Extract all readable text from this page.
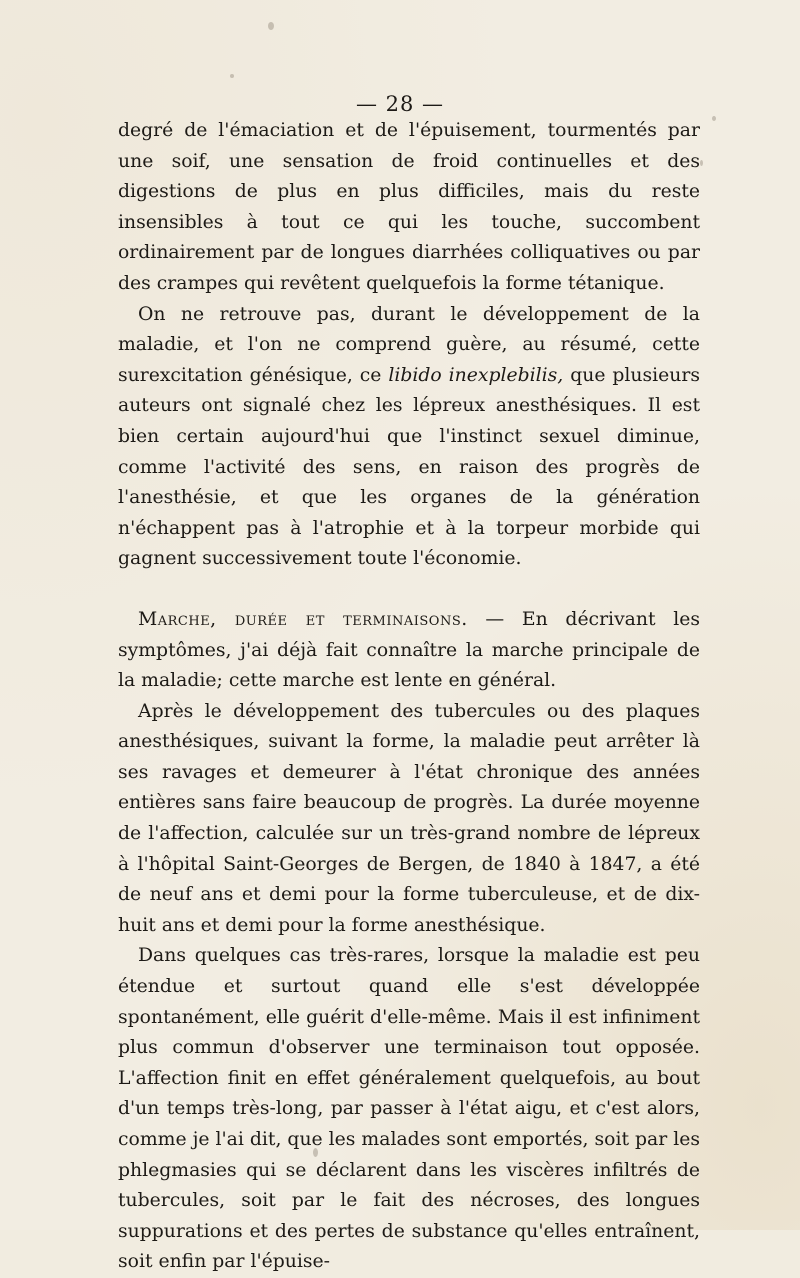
— 28 —

degré de l'émaciation et de l'épuisement, tourmentés par une soif, une sensation de froid continuelles et des digestions de plus en plus difficiles, mais du reste insensibles à tout ce qui les touche, succombent ordinairement par de longues diarrhées colliquatives ou par des crampes qui revêtent quelquefois la forme tétanique.

On ne retrouve pas, durant le développement de la maladie, et l'on ne comprend guère, au résumé, cette surexcitation génésique, ce libido inexplebilis, que plusieurs auteurs ont signalé chez les lépreux anesthésiques. Il est bien certain aujourd'hui que l'instinct sexuel diminue, comme l'activité des sens, en raison des progrès de l'anesthésie, et que les organes de la génération n'échappent pas à l'atrophie et à la torpeur morbide qui gagnent successivement toute l'économie.

Marche, durée et terminaisons. — En décrivant les symptômes, j'ai déjà fait connaître la marche principale de la maladie; cette marche est lente en général.

Après le développement des tubercules ou des plaques anesthésiques, suivant la forme, la maladie peut arrêter là ses ravages et demeurer à l'état chronique des années entières sans faire beaucoup de progrès. La durée moyenne de l'affection, calculée sur un très-grand nombre de lépreux à l'hôpital Saint-Georges de Bergen, de 1840 à 1847, a été de neuf ans et demi pour la forme tuberculeuse, et de dix-huit ans et demi pour la forme anesthésique.

Dans quelques cas très-rares, lorsque la maladie est peu étendue et surtout quand elle s'est développée spontanément, elle guérit d'elle-même. Mais il est infiniment plus commun d'observer une terminaison tout opposée. L'affection finit en effet généralement quelquefois, au bout d'un temps très-long, par passer à l'état aigu, et c'est alors, comme je l'ai dit, que les malades sont emportés, soit par les phlegmasies qui se déclarent dans les viscères infiltrés de tubercules, soit par le fait des nécroses, des longues suppurations et des pertes de substance qu'elles entraînent, soit enfin par l'épuise-
